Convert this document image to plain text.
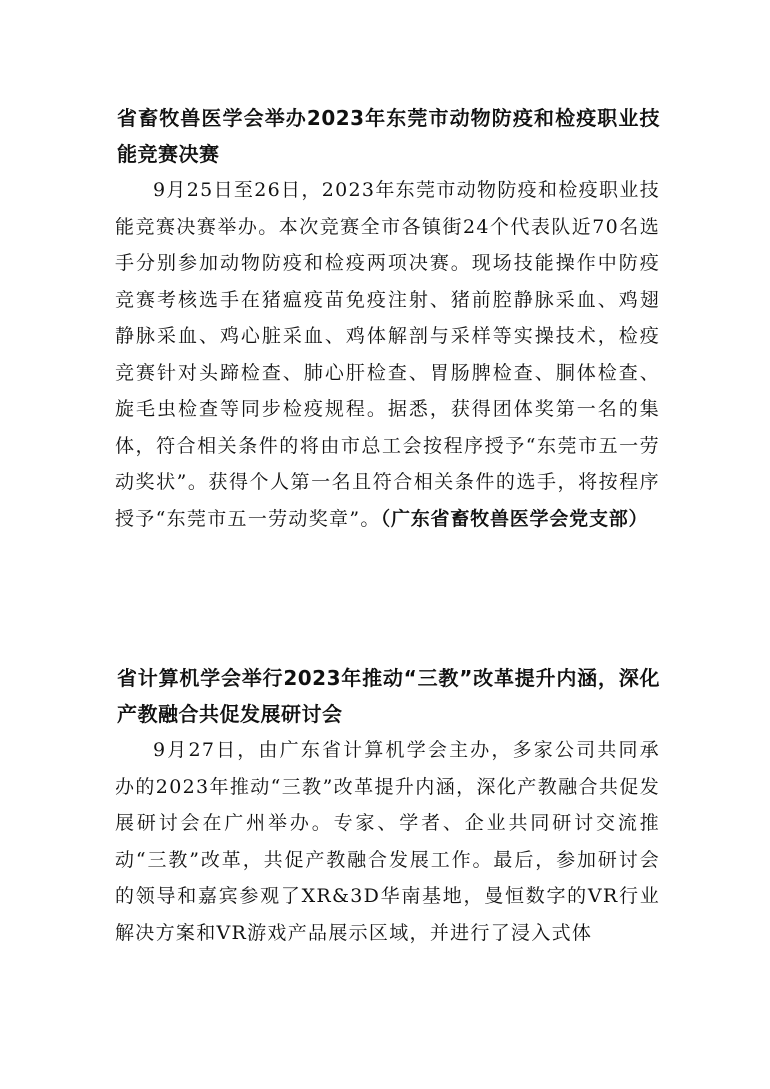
省畜牧兽医学会举办2023年东莞市动物防疫和检疫职业技能竞赛决赛

9月25日至26日，2023年东莞市动物防疫和检疫职业技能竞赛决赛举办。本次竞赛全市各镇街24个代表队近70名选手分别参加动物防疫和检疫两项决赛。现场技能操作中防疫竞赛考核选手在猪瘟疫苗免疫注射、猪前腔静脉采血、鸡翅静脉采血、鸡心脏采血、鸡体解剖与采样等实操技术，检疫竞赛针对头蹄检查、肺心肝检查、胃肠脾检查、胴体检查、旋毛虫检查等同步检疫规程。据悉，获得团体奖第一名的集体，符合相关条件的将由市总工会按程序授予“东莞市五一劳动奖状”。获得个人第一名且符合相关条件的选手，将按程序授予“东莞市五一劳动奖章”。（广东省畜牧兽医学会党支部）

省计算机学会举行2023年推动“三教”改革提升内涵，深化产教融合共促发展研讨会

9月27日，由广东省计算机学会主办，多家公司共同承办的2023年推动“三教”改革提升内涵，深化产教融合共促发展研讨会在广州举办。专家、学者、企业共同研讨交流推动“三教”改革，共促产教融合发展工作。最后，参加研讨会的领导和嘉宾参观了XR&3D华南基地，曼恒数字的VR行业解决方案和VR游戏产品展示区域，并进行了浸入式体
